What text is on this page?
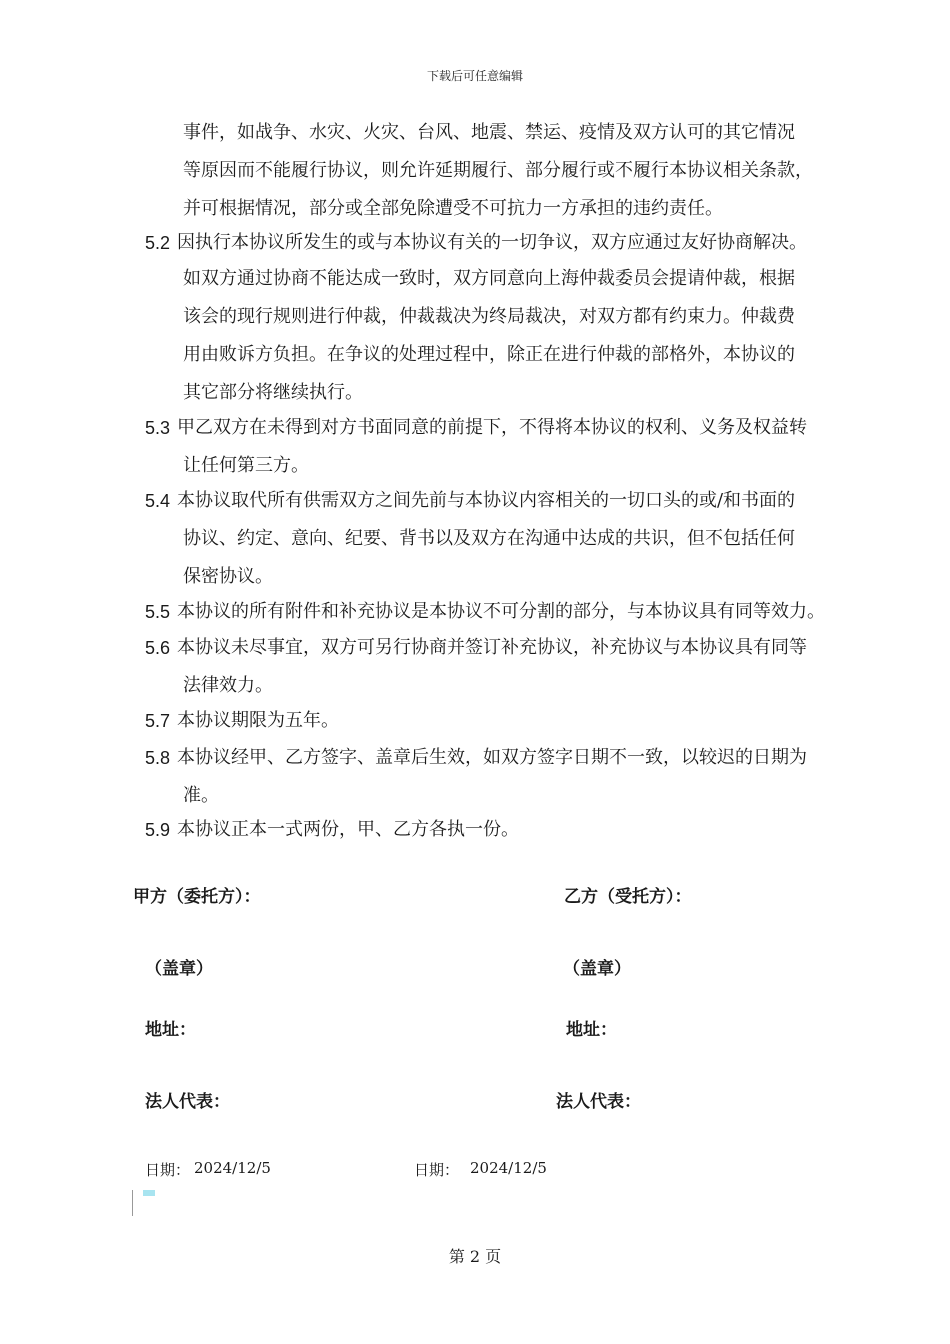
下载后可任意编辑
事件，如战争、水灾、火灾、台风、地震、禁运、疫情及双方认可的其它情况
等原因而不能履行协议，则允许延期履行、部分履行或不履行本协议相关条款，
并可根据情况，部分或全部免除遭受不可抗力一方承担的违约责任。
5.2 因执行本协议所发生的或与本协议有关的一切争议，双方应通过友好协商解决。
如双方通过协商不能达成一致时，双方同意向上海仲裁委员会提请仲裁，根据
该会的现行规则进行仲裁，仲裁裁决为终局裁决，对双方都有约束力。仲裁费
用由败诉方负担。在争议的处理过程中，除正在进行仲裁的部格外，本协议的
其它部分将继续执行。
5.3 甲乙双方在未得到对方书面同意的前提下，不得将本协议的权利、义务及权益转
让任何第三方。
5.4 本协议取代所有供需双方之间先前与本协议内容相关的一切口头的或/和书面的
协议、约定、意向、纪要、背书以及双方在沟通中达成的共识，但不包括任何
保密协议。
5.5 本协议的所有附件和补充协议是本协议不可分割的部分，与本协议具有同等效力。
5.6 本协议未尽事宜，双方可另行协商并签订补充协议，补充协议与本协议具有同等
法律效力。
5.7 本协议期限为五年。
5.8 本协议经甲、乙方签字、盖章后生效，如双方签字日期不一致，以较迟的日期为
准。
5.9 本协议正本一式两份，甲、乙方各执一份。
甲方（委托方）：
（盖章）
地址：
法人代表：
日期： 2024/12/5
乙方（受托方）：
（盖章）
地址：
法人代表：
日期： 2024/12/5
第 2 页
